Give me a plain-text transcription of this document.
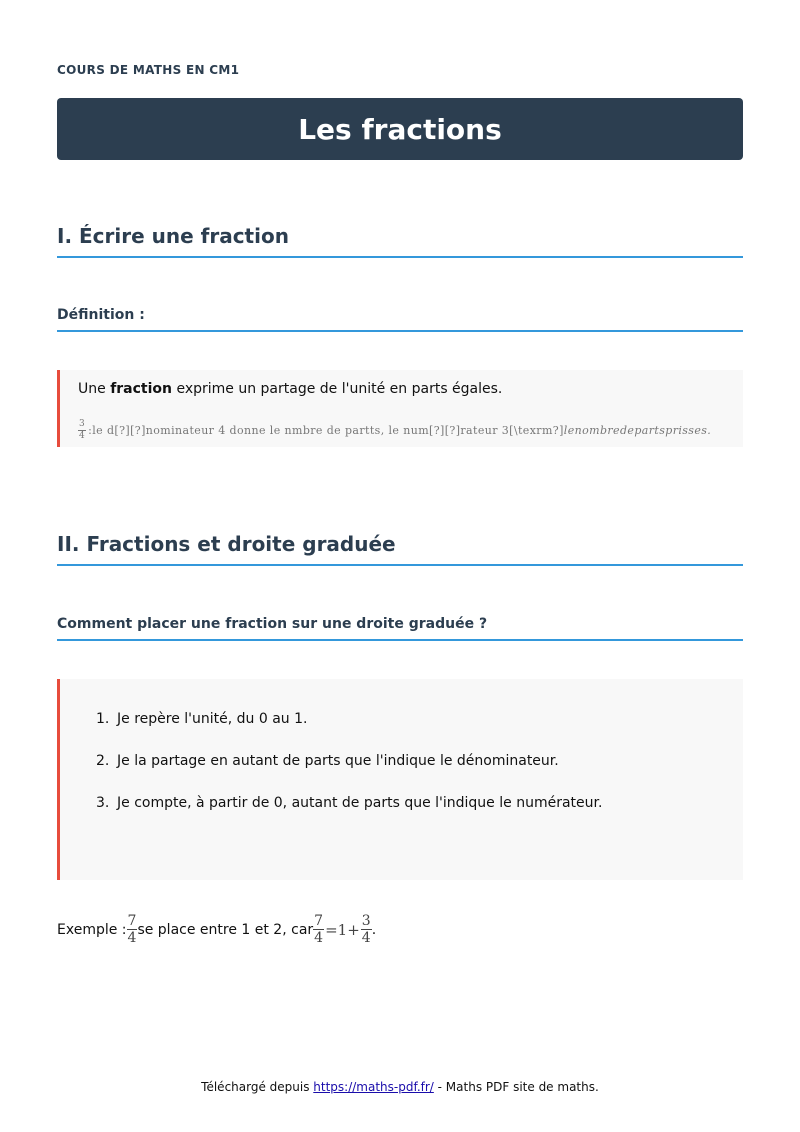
COURS DE MATHS EN CM1
Les fractions
I. Écrire une fraction
Définition :
Une fraction exprime un partage de l'unité en parts égales.
$\frac{3}{4}$ :le d[?][?]nominateur 4 donne le nmbre de partts, le num[?][?]rateur 3[\texrm?] lenombredepartsprisses.
II. Fractions et droite graduée
Comment placer une fraction sur une droite graduée ?
1. Je repère l'unité, du 0 au 1.
2. Je la partage en autant de parts que l'indique le dénominateur.
3. Je compte, à partir de 0, autant de parts que l'indique le numérateur.
Exemple : $\frac{7}{4}$ se place entre 1 et 2, car $\frac{7}{4} =1+ \frac{3}{4}$ .
Téléchargé depuis https://maths-pdf.fr/ - Maths PDF site de maths.
